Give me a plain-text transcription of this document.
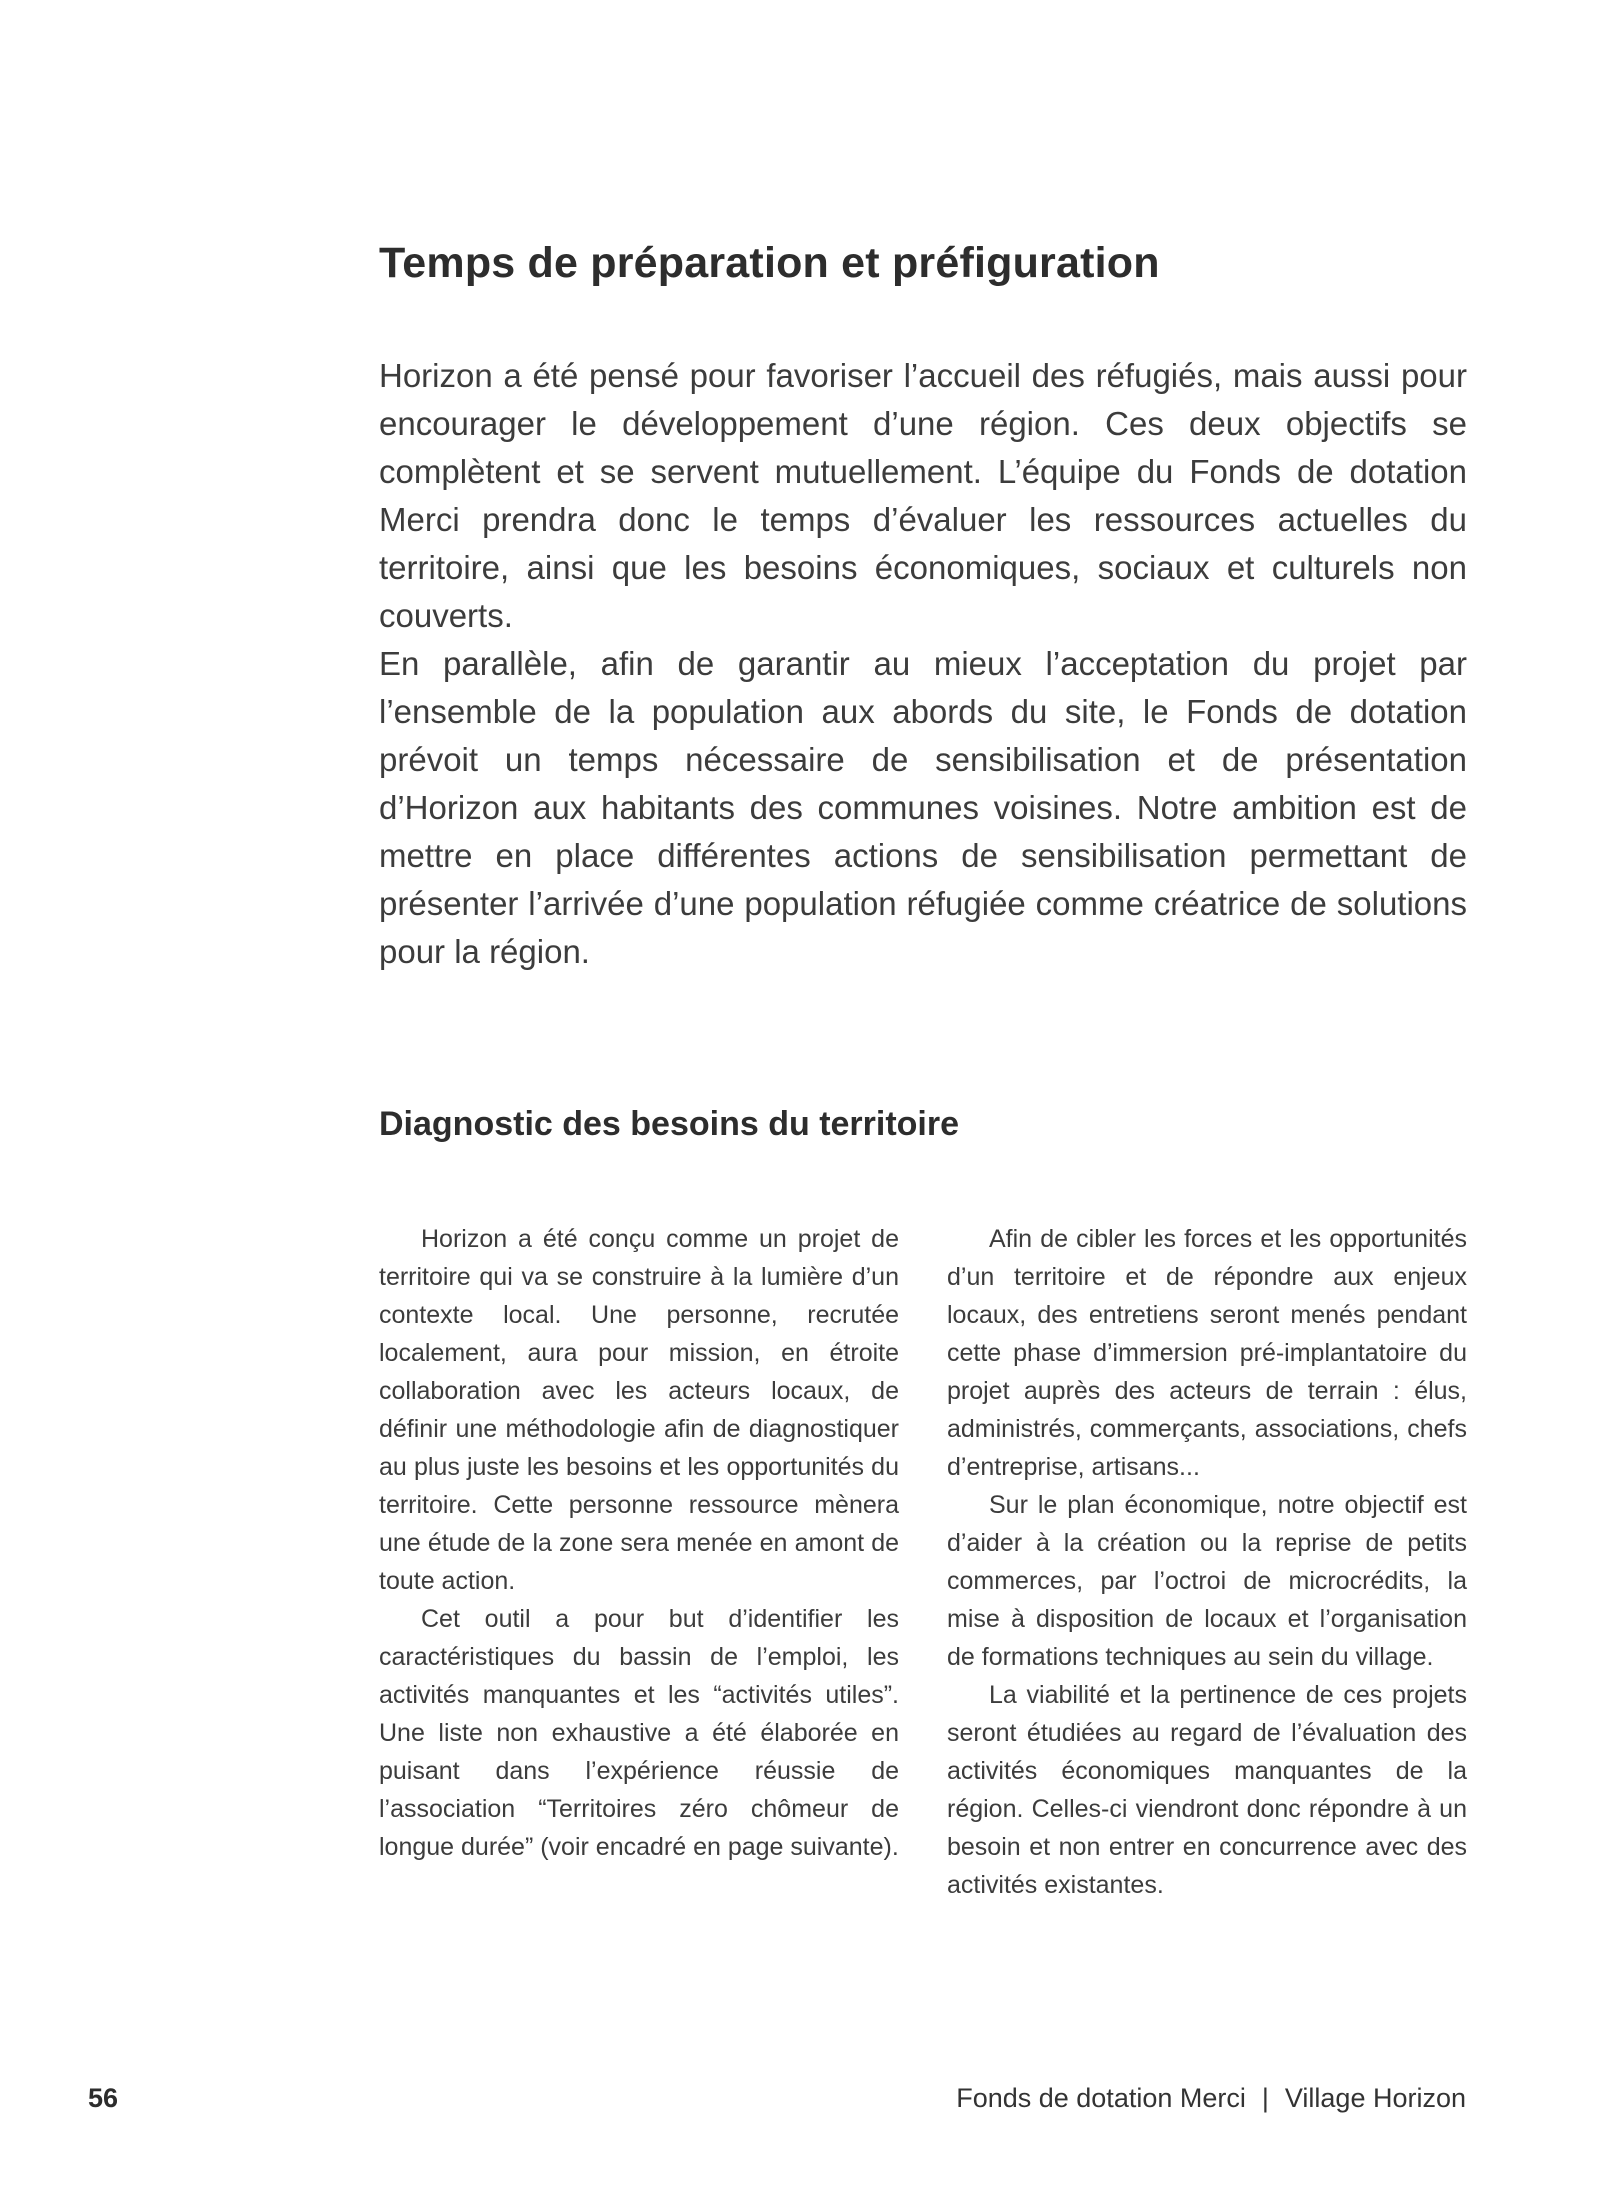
Temps de préparation et préfiguration

Horizon a été pensé pour favoriser l’accueil des réfugiés, mais aussi pour encourager le développement d’une région. Ces deux objectifs se complètent et se servent mutuellement. L’équipe du Fonds de dotation Merci prendra donc le temps d’évaluer les ressources actuelles du territoire, ainsi que les besoins économiques, sociaux et culturels non couverts.

En parallèle, afin de garantir au mieux l’acceptation du projet par l’ensemble de la population aux abords du site, le Fonds de dotation prévoit un temps nécessaire de sensibilisation et de présentation d’Horizon aux habitants des communes voisines. Notre ambition est de mettre en place différentes actions de sensibilisation permettant de présenter l’arrivée d’une population réfugiée comme créatrice de solutions pour la région.

Diagnostic des besoins du territoire

Horizon a été conçu comme un projet de territoire qui va se construire à la lumière d’un contexte local. Une personne, recrutée localement, aura pour mission, en étroite collaboration avec les acteurs locaux, de définir une méthodologie afin de diagnostiquer au plus juste les besoins et les opportunités du territoire. Cette personne ressource mènera une étude de la zone sera menée en amont de toute action.

Cet outil a pour but d’identifier les caractéristiques du bassin de l’emploi, les activités manquantes et les “activités utiles”. Une liste non exhaustive a été élaborée en puisant dans l’expérience réussie de l’association “Territoires zéro chômeur de longue durée” (voir encadré en page suivante).

Afin de cibler les forces et les opportunités d’un territoire et de répondre aux enjeux locaux, des entretiens seront menés pendant cette phase d’immersion pré-implantatoire du projet auprès des acteurs de terrain : élus, administrés, commerçants, associations, chefs d’entreprise, artisans...

Sur le plan économique, notre objectif est d’aider à la création ou la reprise de petits commerces, par l’octroi de microcrédits, la mise à disposition de locaux et l’organisation de formations techniques au sein du village.

La viabilité et la pertinence de ces projets seront étudiées au regard de l’évaluation des activités économiques manquantes de la région. Celles-ci viendront donc répondre à un besoin et non entrer en concurrence avec des activités existantes.

56	Fonds de dotation Merci | Village Horizon
